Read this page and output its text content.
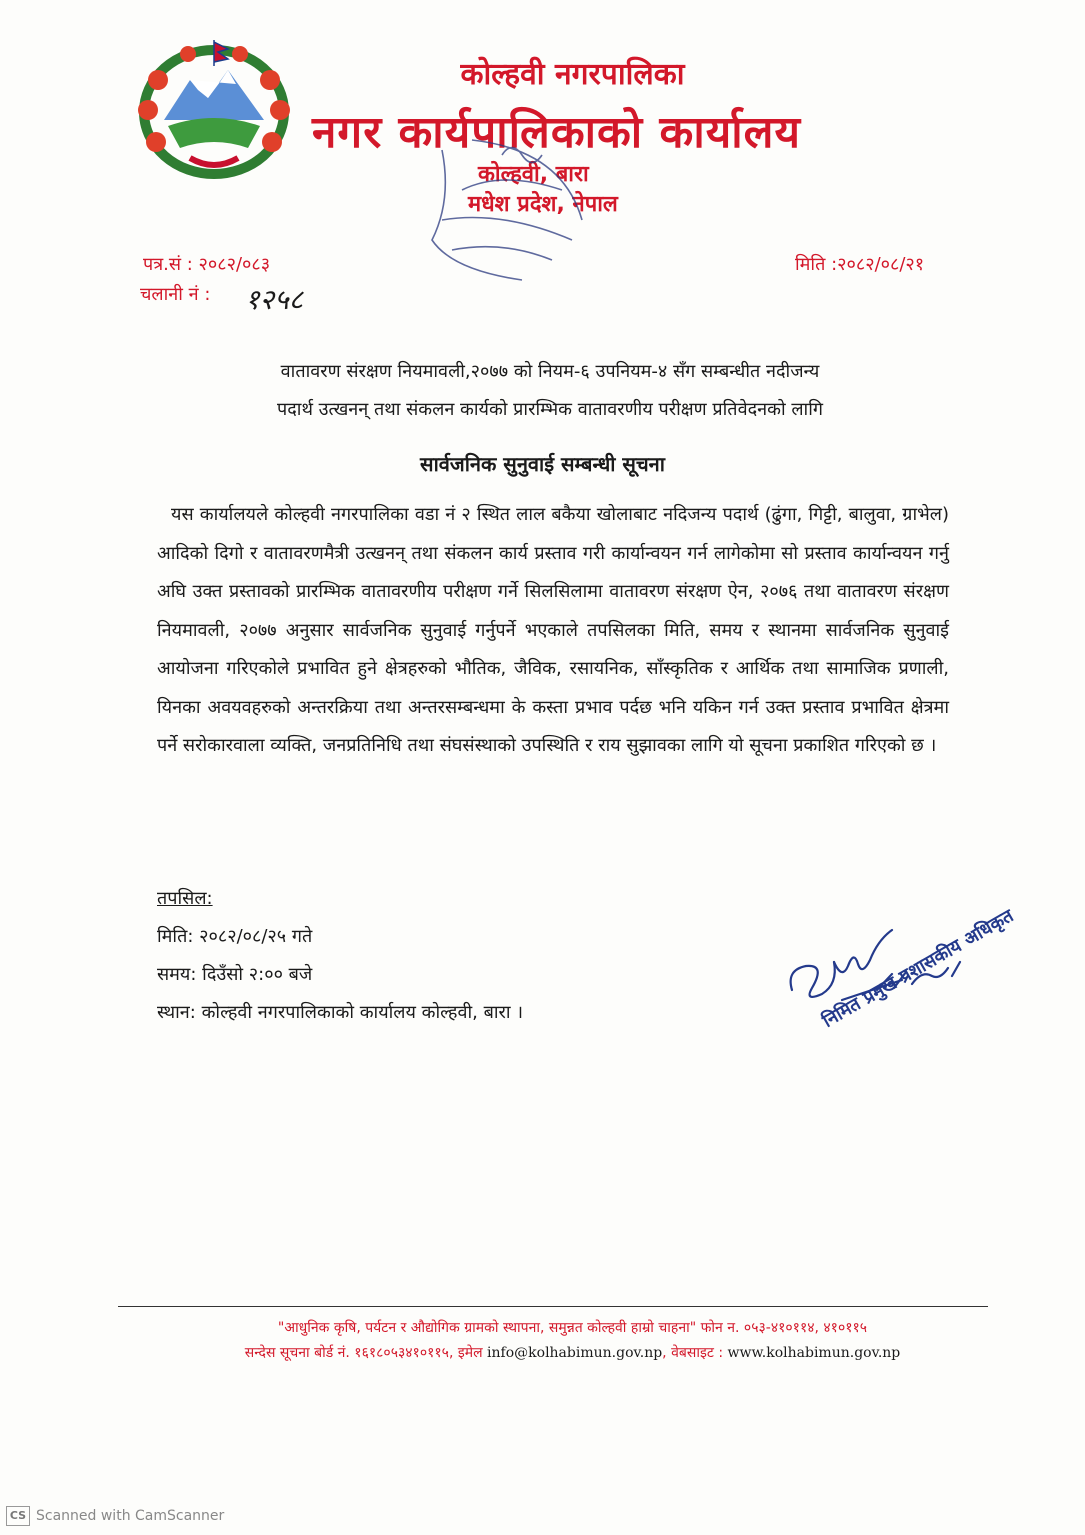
कोल्हवी नगरपालिका
नगर कार्यपालिकाको कार्यालय
कोल्हवी, बारा
मधेश प्रदेश, नेपाल
पत्र.सं : २०८२/०८३
चलानी नं : १२५८
मिति :२०८२/०८/२१
वातावरण संरक्षण नियमावली,२०७७ को नियम-६ उपनियम-४ सँग सम्बन्धीत नदीजन्य
पदार्थ उत्खनन् तथा संकलन कार्यको प्रारम्भिक वातावरणीय परीक्षण प्रतिवेदनको लागि
सार्वजनिक सुनुवाई सम्बन्धी सूचना
यस कार्यालयले कोल्हवी नगरपालिका वडा नं २ स्थित लाल बकैया खोलाबाट नदिजन्य पदार्थ (ढुंगा, गिट्टी, बालुवा, ग्राभेल) आदिको दिगो र वातावरणमैत्री उत्खनन् तथा संकलन कार्य प्रस्ताव गरी कार्यान्वयन गर्न लागेकोमा सो प्रस्ताव कार्यान्वयन गर्नु अघि उक्त प्रस्तावको प्रारम्भिक वातावरणीय परीक्षण गर्ने सिलसिलामा वातावरण संरक्षण ऐन, २०७६ तथा वातावरण संरक्षण नियमावली, २०७७ अनुसार सार्वजनिक सुनुवाई गर्नुपर्ने भएकाले तपसिलका मिति, समय र स्थानमा सार्वजनिक सुनुवाई आयोजना गरिएकोले प्रभावित हुने क्षेत्रहरुको भौतिक, जैविक, रसायनिक, साँस्कृतिक र आर्थिक तथा सामाजिक प्रणाली, यिनका अवयवहरुको अन्तरक्रिया तथा अन्तरसम्बन्धमा के कस्ता प्रभाव पर्दछ भनि यकिन गर्न उक्त प्रस्ताव प्रभावित क्षेत्रमा पर्ने सरोकारवाला व्यक्ति, जनप्रतिनिधि तथा संघसंस्थाको उपस्थिति र राय सुझावका लागि यो सूचना प्रकाशित गरिएको छ ।
तपसिल:
मिति: २०८२/०८/२५ गते
समय: दिउँसो २:०० बजे
स्थान: कोल्हवी नगरपालिकाको कार्यालय कोल्हवी, बारा ।	निमित प्रमुख प्रशासकीय अधिकृत
"आधुनिक कृषि, पर्यटन र औद्योगिक ग्रामको स्थापना, समुन्नत कोल्हवी हाम्रो चाहना" फोन न. ०५३-४१०११४, ४१०११५
सन्देस सूचना बोर्ड नं. १६१८०५३४१०११५, इमेल info@kolhabimun.gov.np, वेबसाइट : www.kolhabimun.gov.np
CS Scanned with CamScanner
